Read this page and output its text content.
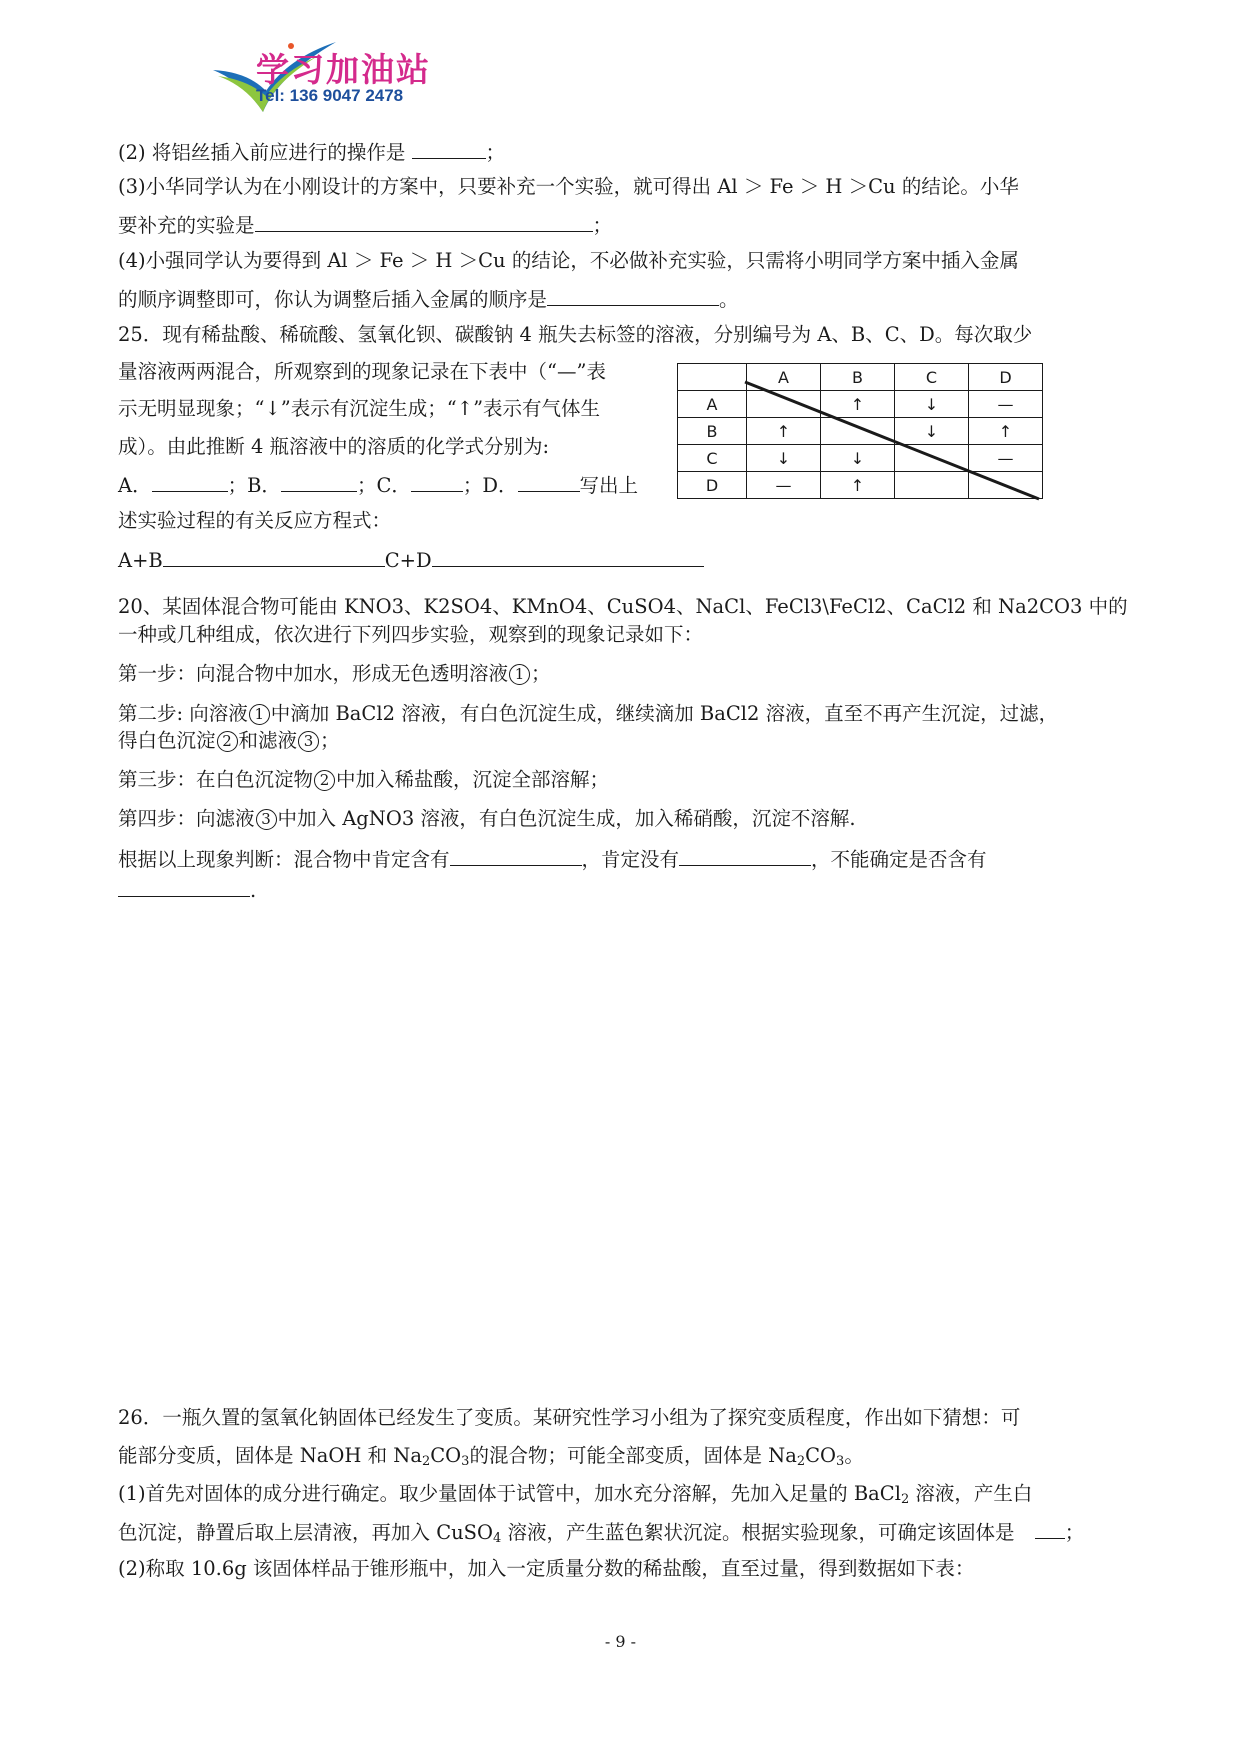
学习加油站
Tel: 136 9047 2478
(2) 将铝丝插入前应进行的操作是	；
(3)小华同学认为在小刚设计的方案中，只要补充一个实验，就可得出 Al ＞ Fe ＞ H ＞Cu 的结论。小华
要补充的实验是	；
(4)小强同学认为要得到 Al ＞ Fe ＞ H ＞Cu 的结论，不必做补充实验，只需将小明同学方案中插入金属
的顺序调整即可，你认为调整后插入金属的顺序是	。
25．现有稀盐酸、稀硫酸、氢氧化钡、碳酸钠 4 瓶失去标签的溶液，分别编号为 A、B、C、D。每次取少
量溶液两两混合，所观察到的现象记录在下表中（“—”表
示无明显现象；“↓”表示有沉淀生成；“↑”表示有气体生
成）。由此推断 4 瓶溶液中的溶质的化学式分别为:
A．	；B．	；C．	；D．	写出上
述实验过程的有关反应方程式：
A+B	C+D
	A	B	C	D
A		↑	↓	—
B	↑		↓	↑
C	↓	↓		—
D	—	↑		
20、某固体混合物可能由 KNO3、K2SO4、KMnO4、CuSO4、NaCl、FeCl3\FeCl2、CaCl2 和 Na2CO3 中的
一种或几种组成，依次进行下列四步实验，观察到的现象记录如下：
第一步：向混合物中加水，形成无色透明溶液 1 ；
第二步: 向溶液 1 中滴加 BaCl2 溶液，有白色沉淀生成，继续滴加 BaCl2 溶液，直至不再产生沉淀，过滤，
得白色沉淀 2 和滤液 3 ；
第三步：在白色沉淀物 2 中加入稀盐酸，沉淀全部溶解；
第四步：向滤液 3 中加入 AgNO3 溶液，有白色沉淀生成，加入稀硝酸，沉淀不溶解.
根据以上现象判断：混合物中肯定含有	，肯定没有	，不能确定是否含有
.
26．一瓶久置的氢氧化钠固体已经发生了变质。某研究性学习小组为了探究变质程度，作出如下猜想：可
能部分变质，固体是 NaOH 和 $Na_2CO_3$的混合物；可能全部变质，固体是 $Na_2CO_3$。
(1)首先对固体的成分进行确定。取少量固体于试管中，加水充分溶解，先加入足量的 BaCl$_2$ 溶液，产生白
色沉淀，静置后取上层清液，再加入 CuSO$_4$ 溶液，产生蓝色絮状沉淀。根据实验现象，可确定该固体是	；
(2)称取 10.6g 该固体样品于锥形瓶中，加入一定质量分数的稀盐酸，直至过量，得到数据如下表：
- 9 -
